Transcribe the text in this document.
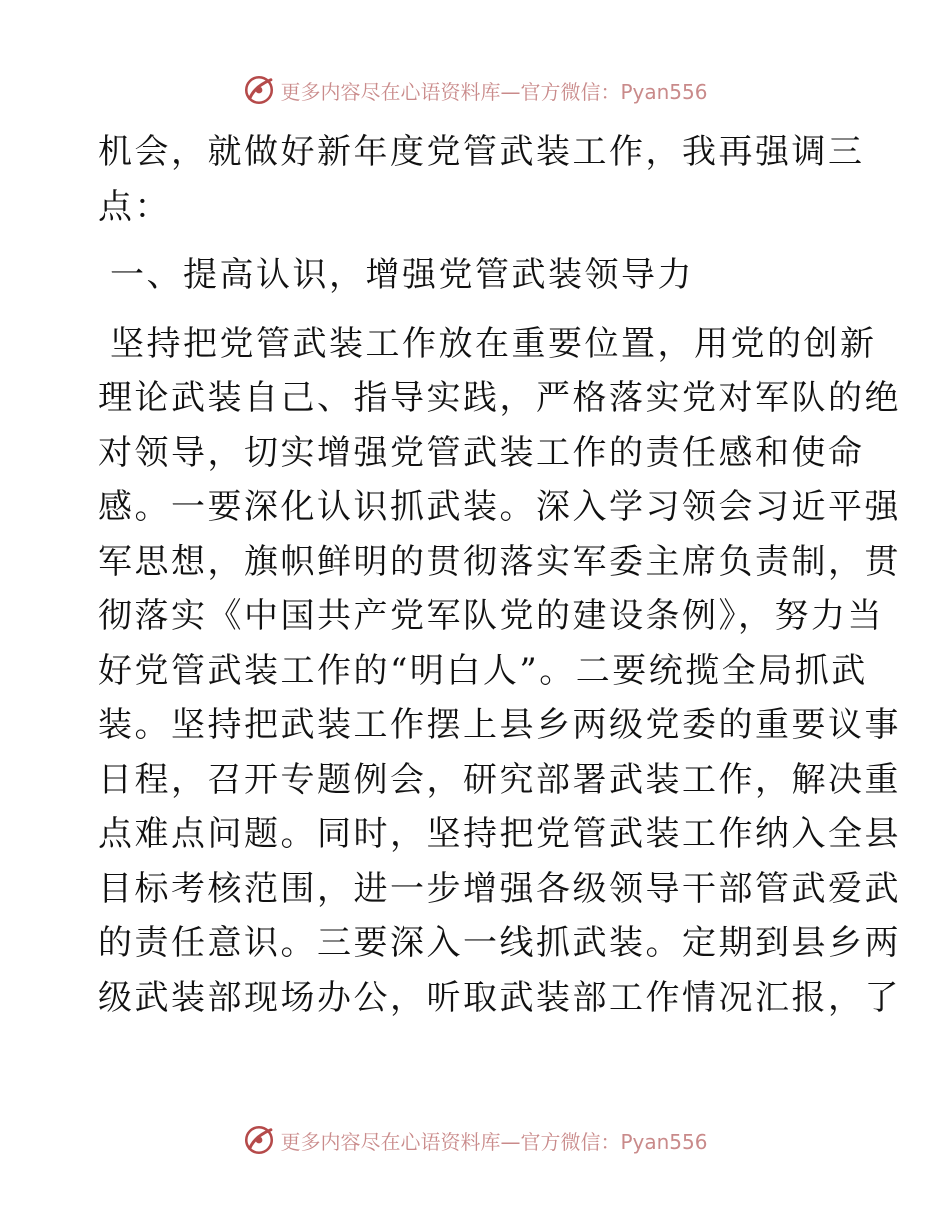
更多内容尽在心语资料库—官方微信：Pyan556
机会，就做好新年度党管武装工作，我再强调三
点：
一、提高认识，增强党管武装领导力
坚持把党管武装工作放在重要位置，用党的创新
理论武装自己、指导实践，严格落实党对军队的绝
对领导，切实增强党管武装工作的责任感和使命
感。一要深化认识抓武装。深入学习领会习近平强
军思想，旗帜鲜明的贯彻落实军委主席负责制，贯
彻落实《中国共产党军队党的建设条例》，努力当
好党管武装工作的“明白人”。二要统揽全局抓武
装。坚持把武装工作摆上县乡两级党委的重要议事
日程，召开专题例会，研究部署武装工作，解决重
点难点问题。同时，坚持把党管武装工作纳入全县
目标考核范围，进一步增强各级领导干部管武爱武
的责任意识。三要深入一线抓武装。定期到县乡两
级武装部现场办公，听取武装部工作情况汇报，了
更多内容尽在心语资料库—官方微信：Pyan556
